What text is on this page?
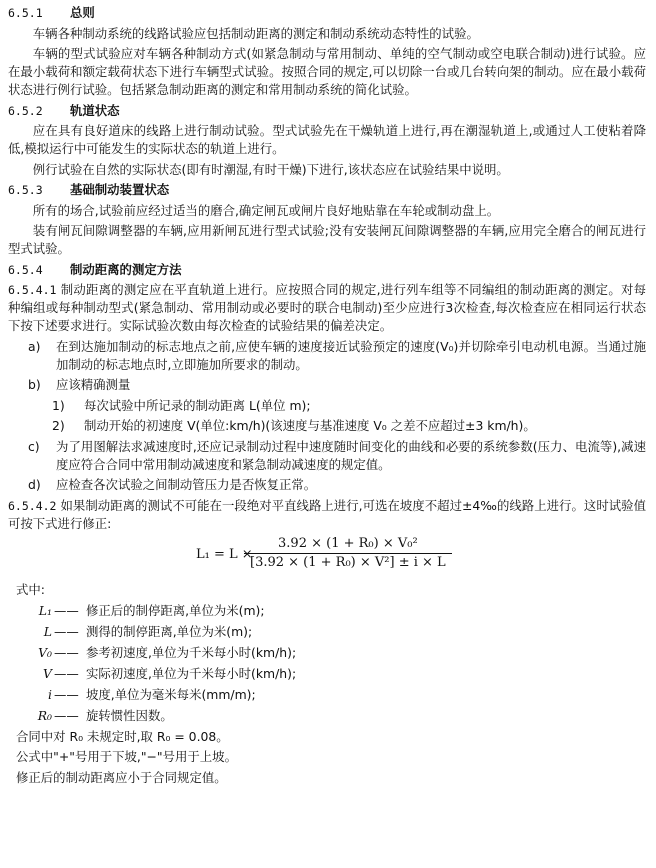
6.5.1 总则

车辆各种制动系统的线路试验应包括制动距离的测定和制动系统动态特性的试验。

车辆的型式试验应对车辆各种制动方式(如紧急制动与常用制动、单纯的空气制动或空电联合制动)进行试验。应在最小载荷和额定载荷状态下进行车辆型式试验。按照合同的规定,可以切除一台或几台转向架的制动。应在最小载荷状态进行例行试验。包括紧急制动距离的测定和常用制动系统的简化试验。

6.5.2 轨道状态

应在具有良好道床的线路上进行制动试验。型式试验先在干燥轨道上进行,再在潮湿轨道上,或通过人工使粘着降低,模拟运行中可能发生的实际状态的轨道上进行。

例行试验在自然的实际状态(即有时潮湿,有时干燥)下进行,该状态应在试验结果中说明。

6.5.3 基础制动装置状态

所有的场合,试验前应经过适当的磨合,确定闸瓦或闸片良好地贴靠在车轮或制动盘上。

装有闸瓦间隙调整器的车辆,应用新闸瓦进行型式试验;没有安装闸瓦间隙调整器的车辆,应用完全磨合的闸瓦进行型式试验。

6.5.4 制动距离的测定方法

6.5.4.1 制动距离的测定应在平直轨道上进行。应按照合同的规定,进行列车组等不同编组的制动距离的测定。对每种编组或每种制动型式(紧急制动、常用制动或必要时的联合电制动)至少应进行3次检查,每次检查应在相同运行状态下按下述要求进行。实际试验次数由每次检查的试验结果的偏差决定。

a)	在到达施加制动的标志地点之前,应使车辆的速度接近试验预定的速度(V₀)并切除牵引电动机电源。当通过施加制动的标志地点时,立即施加所要求的制动。
b)	应该精确测量
1)	每次试验中所记录的制动距离 L(单位 m);
2)	制动开始的初速度 V(单位:km/h)(该速度与基准速度 V₀ 之差不应超过±3 km/h)。
c)	为了用图解法求减速度时,还应记录制动过程中速度随时间变化的曲线和必要的系统参数(压力、电流等),减速度应符合合同中常用制动减速度和紧急制动减速度的规定值。
d)	应检查各次试验之间制动管压力是否恢复正常。

6.5.4.2 如果制动距离的测试不可能在一段绝对平直线路上进行,可选在坡度不超过±4‰的线路上进行。这时试验值可按下式进行修正:

L₁ = L ×
3.92 × (1 + R₀) × V₀²
[3.92 × (1 + R₀) × V²] ± i × L

式中:

L₁ —— 修正后的制停距离,单位为米(m);
L —— 测得的制停距离,单位为米(m);
V₀ —— 参考初速度,单位为千米每小时(km/h);
V —— 实际初速度,单位为千米每小时(km/h);
i —— 坡度,单位为毫米每米(mm/m);
R₀ —— 旋转惯性因数。

合同中对 R₀ 未规定时,取 R₀ = 0.08。

公式中"+"号用于下坡,"−"号用于上坡。

修正后的制动距离应小于合同规定值。
